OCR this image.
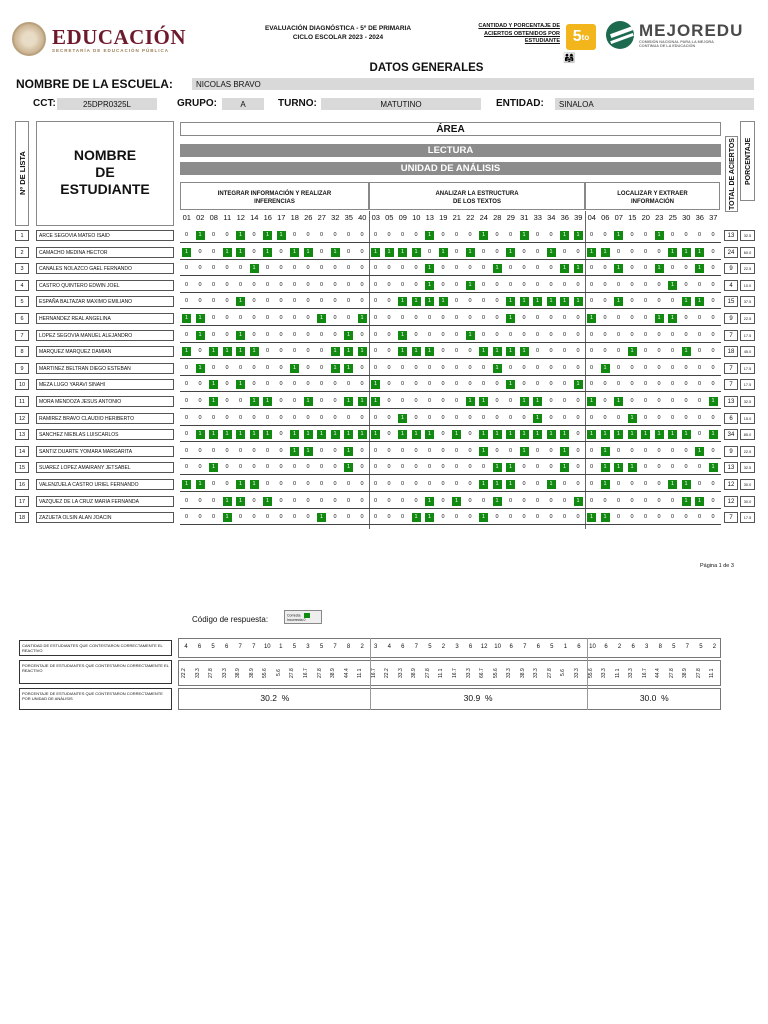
EDUCACIÓN
SECRETARÍA DE EDUCACIÓN PÚBLICA
EVALUACIÓN DIAGNÓSTICA - 5º DE PRIMARIA
CICLO ESCOLAR 2023 - 2024
CANTIDAD Y PORCENTAJE DE
ACIERTOS OBTENIDOS POR
ESTUDIANTE 5 to
👨‍👩‍👧
MEJOREDU
COMISIÓN NACIONAL PARA LA MEJORA
CONTINUA DE LA EDUCACIÓN
DATOS GENERALES
NOMBRE DE LA ESCUELA:	NICOLAS BRAVO
CCT:	25DPR0325L	GRUPO:	A	TURNO:	MATUTINO	ENTIDAD:	SINALOA
Nº DE LISTA	NOMBRE
DE
ESTUDIANTE
ÁREA
LECTURA
UNIDAD DE ANÁLISIS	TOTAL DE ACIERTOS	PORCENTAJE
INTEGRAR INFORMACIÓN Y REALIZAR
INFERENCIAS
01 02 08 11 12 14 16 17 18 26 27 32 35 40
ANALIZAR LA ESTRUCTURA
DE LOS TEXTOS
03 05 09 10 13 19 21 22 24 28 29 31 33 34 36 39
LOCALIZAR Y EXTRAER
INFORMACIÓN
04 06 07 15 20 23 25 30 36 37
1	ARCE SEGOVIA MATEO ISAID	0	1	0	0	1	0	1	1	0	0	0	0	0	0	0	0	0	0	1	0	0	0	1	0	0	1	0	0	1	1	0	0	1	0	0	1	0	0	0	0	13	32.5
2	CAMACHO MEDINA HECTOR	1	0	0	1	1	0	1	0	1	1	0	1	0	0	1	1	1	1	0	1	0	1	0	0	1	0	0	1	0	0	1	1	0	0	0	0	1	1	1	0	24	60.0
3	CANALES NOLAZCO GAEL FERNANDO	0	0	0	0	0	1	0	0	0	0	0	0	0	0	0	0	0	0	1	0	0	0	0	1	0	0	0	0	1	1	0	0	1	0	0	1	0	0	1	0	9	22.5
4	CASTRO QUINTERO EDWIN JOEL	0	0	0	0	0	0	0	0	0	0	0	0	0	0	0	0	0	0	1	0	0	1	0	0	0	0	0	0	0	0	0	0	0	0	0	0	1	0	0	0	4	10.0
5	ESPAÑA BALTAZAR MAXIMO EMILIANO	0	0	0	0	1	0	0	0	0	0	0	0	0	0	0	0	1	1	1	1	0	0	0	0	1	1	1	1	1	1	0	0	1	0	0	0	0	1	1	0	15	37.5
6	HERNANDEZ REAL ANGELINA	1	1	0	0	0	0	0	0	0	0	1	0	0	1	0	0	0	0	0	0	0	0	0	0	1	0	0	0	0	0	1	0	0	0	0	1	1	0	0	0	9	22.5
7	LOPEZ SEGOVIA MANUEL ALEJANDRO	0	1	0	0	1	0	0	0	0	0	0	0	1	0	0	0	1	0	0	0	0	1	0	0	0	0	0	0	0	0	0	0	0	0	0	0	0	0	0	0	7	17.5
8	MARQUEZ MARQUEZ DAMIAN	1	0	1	1	1	1	0	0	0	0	0	1	1	1	0	0	1	1	1	0	0	0	1	1	1	1	0	0	0	0	0	0	0	1	0	0	0	1	0	0	18	45.0
9	MARTINEZ BELTRAN DIEGO ESTEBAN	0	1	0	0	0	0	0	0	1	0	0	1	1	0	0	0	0	0	0	0	0	0	0	1	0	0	0	0	0	0	0	1	0	0	0	0	0	0	0	0	7	17.5
10	MEZA LUGO YARAVI SINAHI	0	0	1	0	1	0	0	0	0	0	0	0	0	0	1	0	0	0	0	0	0	0	0	0	1	0	0	0	0	1	0	0	0	0	0	0	0	0	0	0	7	17.5
11	MORA MENDOZA JESUS ANTONIO	0	0	1	0	0	1	1	0	0	1	0	0	1	1	1	0	0	0	0	0	0	1	1	0	0	1	1	0	0	0	1	0	1	0	0	0	0	0	0	1	13	32.5
12	RAMIREZ BRAVO CLAUDIO HERIBERTO	0	0	0	0	0	0	0	0	0	0	0	0	0	0	0	0	1	0	0	0	0	0	0	0	0	0	1	0	0	0	0	0	0	1	0	0	0	0	0	0	6	15.0
13	SANCHEZ NIEBLAS LUISCARLOS	0	1	1	1	1	1	1	0	1	1	1	1	1	1	1	0	1	1	1	0	1	0	1	1	1	1	1	1	1	0	1	1	1	1	1	1	1	1	0	1	34	85.0
14	SANTIZ DUARTE YOMARA MARGARITA	0	0	0	0	0	0	0	0	1	1	0	0	1	0	0	0	0	0	0	0	0	0	1	0	0	1	0	0	1	0	0	1	0	0	0	0	0	0	1	0	9	22.5
15	SUAREZ LOPEZ AMAIRANY JETSABEL	0	0	1	0	0	0	0	0	0	0	0	0	1	0	0	0	0	0	0	0	0	0	0	1	1	0	0	0	1	0	0	1	1	1	0	0	0	0	0	1	13	32.5
16	VALENZUELA CASTRO URIEL FERNANDO	1	1	0	0	1	1	0	0	0	0	0	0	0	0	0	0	0	0	0	0	0	0	1	1	1	0	0	1	0	0	0	1	0	0	0	0	1	1	0	0	12	30.0
17	VAZQUEZ DE LA CRUZ MARIA FERNANDA	0	0	0	1	1	0	1	0	0	0	0	0	0	0	0	0	0	0	1	0	1	0	0	1	0	0	0	0	0	1	0	0	0	0	0	0	0	1	1	0	12	30.0
18	ZAZUETA OLSIN ALAN JOACIN	0	0	0	1	0	0	0	0	0	0	1	0	0	0	0	0	0	1	1	0	0	0	1	0	0	0	0	0	0	0	1	1	0	0	0	0	0	0	0	0	7	17.5
Página 1 de 3
Código de respuesta:	Correcta
Incorrecta 0
CANTIDAD DE ESTUDIANTES QUE CONTESTARON CORRECTAMENTE EL REACTIVO
PORCENTAJE DE ESTUDIANTES QUE CONTESTARON CORRECTAMENTE EL REACTIVO
PORCENTAJE DE ESTUDIANTES QUE CONTESTARON CORRECTAMENTE POR UNIDAD DE ANÁLISIS
4	6	5	6	7	7	10	1	5	3	5	7	8	2	3	4	6	7	5	2	3	6	12 10	6	7	6	5	1	6	10	6	2	6	3	8	5	7	5	2
22.2	33.3	27.8	33.3	38.9	38.9	55.6	5.6	27.8	16.7	27.8	38.9	44.4	11.1	16.7	22.2	33.3	38.9	27.8	11.1	16.7	33.3	66.7	55.6	33.3	38.9	33.3	27.8	5.6	33.3	55.6	33.3	11.1	33.3	16.7	44.4	27.8	38.9	27.8	11.1
30.2  %	30.9  %	30.0  %
